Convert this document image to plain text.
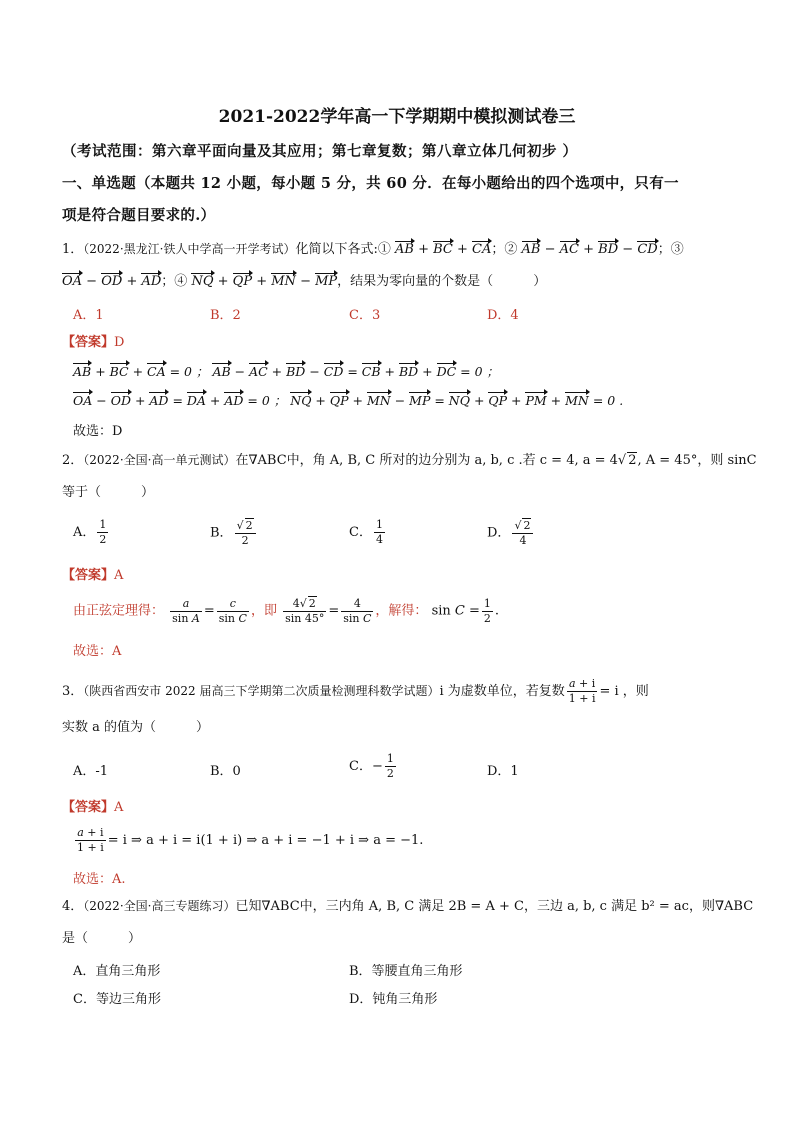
2021-2022学年高一下学期期中模拟测试卷三
（考试范围：第六章平面向量及其应用；第七章复数；第八章立体几何初步 ）
一、单选题（本题共 12 小题，每小题 5 分，共 60 分．在每小题给出的四个选项中，只有一
项是符合题目要求的.）
1．（2022·黑龙江·铁人中学高一开学考试）化简以下各式:① AB + BC + CA；② AB − AC + BD − CD；③
OA − OD + AD；④ NQ + QP + MN − MP，结果为零向量的个数是（	）
A．1	B．2	C．3	D．4
【答案】D
AB + BC + CA = 0 ； AB − AC + BD − CD = CB + BD + DC = 0 ；
OA − OD + AD = DA + AD = 0 ； NQ + QP + MN − MP = NQ + QP + PM + MN = 0 .
故选：D
2．（2022·全国·高一单元测试）在∇ABC中，角 A, B, C 所对的边分别为 a, b, c .若 c = 4, a = 4√ 2, A = 45°，则 sinC
等于（	）
A． $\frac{1}{2}$	B． $\frac{√ 2}{2}$	C． $\frac{1}{4}$	D． $\frac{√ 2}{4}$
【答案】A
由正弦定理得： $\frac{a}{\text{sin A}} = \frac{c}{\text{sin C}}$ ，即 $\frac{4√ 2}{\sin 45^\circ} = \frac{4}{\text{sin C}}$ ，解得： $\sin C = \frac{1}{2}$ .
故选：A
3．（陕西省西安市 2022 届高三下学期第二次质量检测理科数学试题）i 为虚数单位，若复数 $\frac{a + i}{1 + i} = i$ ，则
实数 a 的值为（	）
A．-1	B．0	C．− $\frac{1}{2}$	D．1
【答案】A
$\frac{a + i}{1 + i} = i$ ⇒ a + i = i(1 + i) ⇒ a + i = −1 + i ⇒ a = −1.
故选：A.
4．（2022·全国·高三专题练习）已知∇ABC中，三内角 A, B, C 满足 2B = A + C，三边 a, b, c 满足 b² = ac，则∇ABC
是（	）
A．直角三角形	B．等腰直角三角形
C．等边三角形	D．钝角三角形
